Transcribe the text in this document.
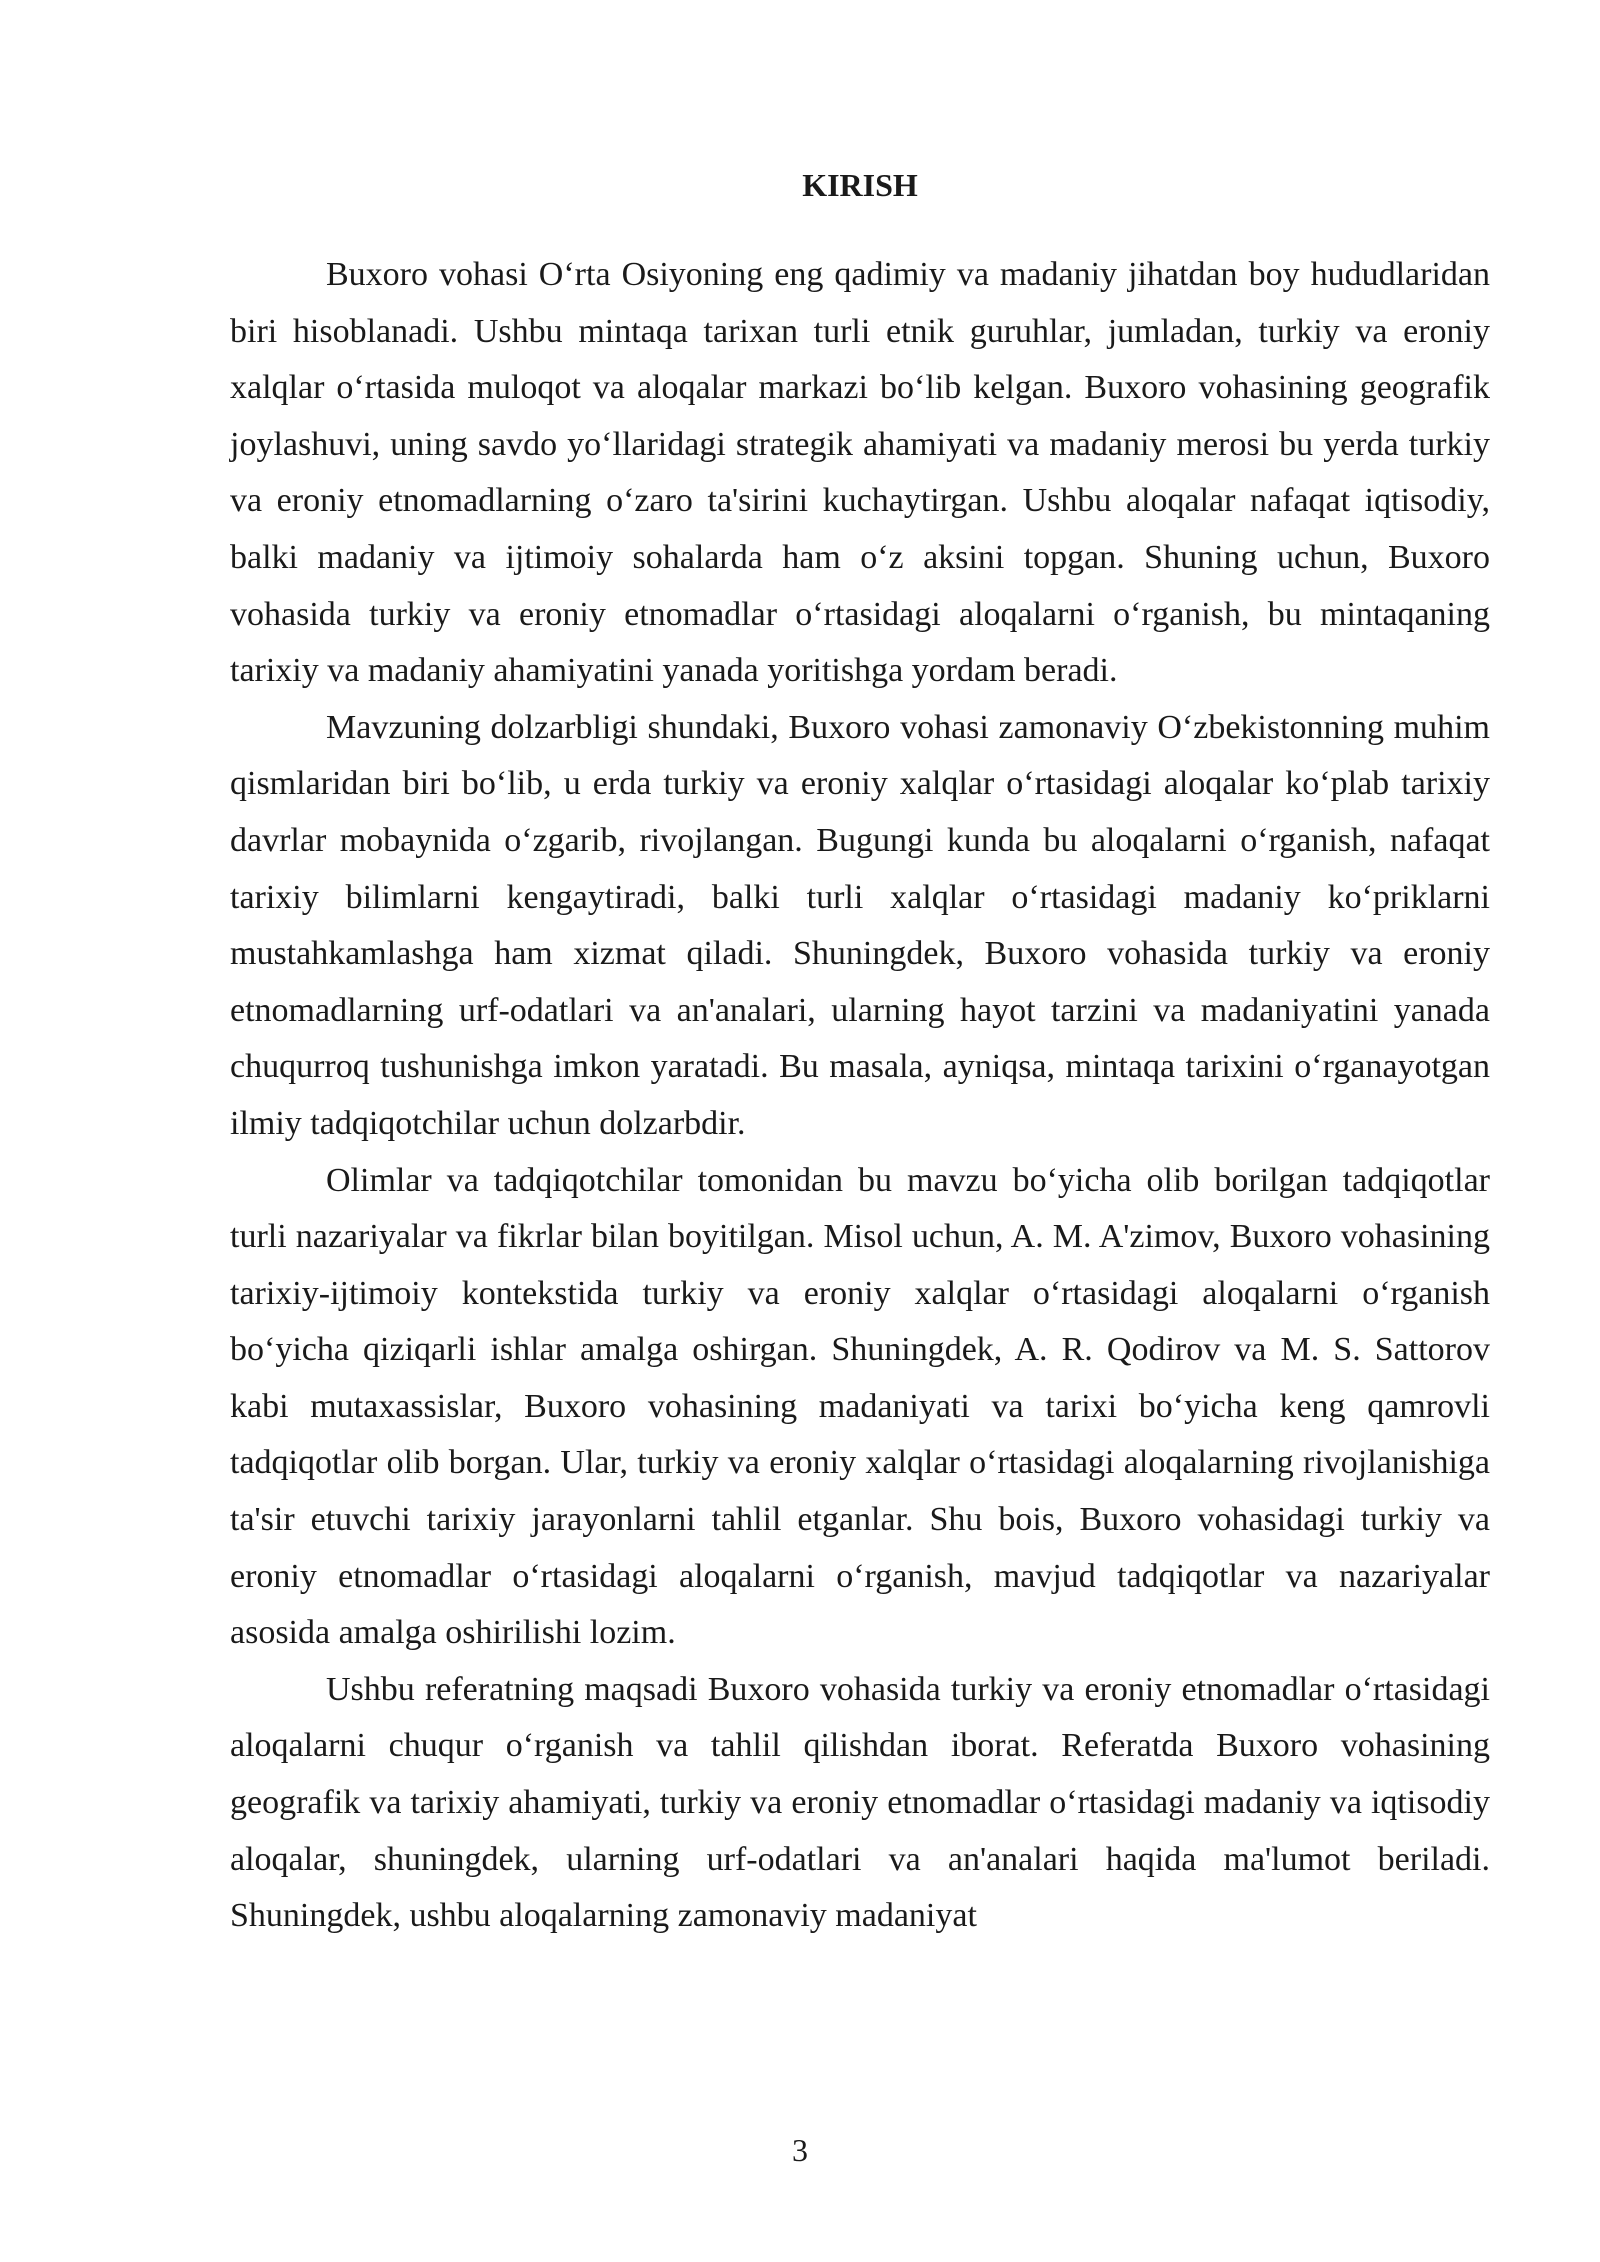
KIRISH

Buxoro vohasi O‘rta Osiyoning eng qadimiy va madaniy jihatdan boy hududlaridan biri hisoblanadi. Ushbu mintaqa tarixan turli etnik guruhlar, jumladan, turkiy va eroniy xalqlar o‘rtasida muloqot va aloqalar markazi bo‘lib kelgan. Buxoro vohasining geografik joylashuvi, uning savdo yo‘llaridagi strategik ahamiyati va madaniy merosi bu yerda turkiy va eroniy etnomadlarning o‘zaro ta'sirini kuchaytirgan. Ushbu aloqalar nafaqat iqtisodiy, balki madaniy va ijtimoiy sohalarda ham o‘z aksini topgan. Shuning uchun, Buxoro vohasida turkiy va eroniy etnomadlar o‘rtasidagi aloqalarni o‘rganish, bu mintaqaning tarixiy va madaniy ahamiyatini yanada yoritishga yordam beradi.

Mavzuning dolzarbligi shundaki, Buxoro vohasi zamonaviy O‘zbekistonning muhim qismlaridan biri bo‘lib, u erda turkiy va eroniy xalqlar o‘rtasidagi aloqalar ko‘plab tarixiy davrlar mobaynida o‘zgarib, rivojlangan. Bugungi kunda bu aloqalarni o‘rganish, nafaqat tarixiy bilimlarni kengaytiradi, balki turli xalqlar o‘rtasidagi madaniy ko‘priklarni mustahkamlashga ham xizmat qiladi. Shuningdek, Buxoro vohasida turkiy va eroniy etnomadlarning urf-odatlari va an'analari, ularning hayot tarzini va madaniyatini yanada chuqurroq tushunishga imkon yaratadi. Bu masala, ayniqsa, mintaqa tarixini o‘rganayotgan ilmiy tadqiqotchilar uchun dolzarbdir.

Olimlar va tadqiqotchilar tomonidan bu mavzu bo‘yicha olib borilgan tadqiqotlar turli nazariyalar va fikrlar bilan boyitilgan. Misol uchun, A. M. A'zimov, Buxoro vohasining tarixiy-ijtimoiy kontekstida turkiy va eroniy xalqlar o‘rtasidagi aloqalarni o‘rganish bo‘yicha qiziqarli ishlar amalga oshirgan. Shuningdek, A. R. Qodirov va M. S. Sattorov kabi mutaxassislar, Buxoro vohasining madaniyati va tarixi bo‘yicha keng qamrovli tadqiqotlar olib borgan. Ular, turkiy va eroniy xalqlar o‘rtasidagi aloqalarning rivojlanishiga ta'sir etuvchi tarixiy jarayonlarni tahlil etganlar. Shu bois, Buxoro vohasidagi turkiy va eroniy etnomadlar o‘rtasidagi aloqalarni o‘rganish, mavjud tadqiqotlar va nazariyalar asosida amalga oshirilishi lozim.

Ushbu referatning maqsadi Buxoro vohasida turkiy va eroniy etnomadlar o‘rtasidagi aloqalarni chuqur o‘rganish va tahlil qilishdan iborat. Referatda Buxoro vohasining geografik va tarixiy ahamiyati, turkiy va eroniy etnomadlar o‘rtasidagi madaniy va iqtisodiy aloqalar, shuningdek, ularning urf-odatlari va an'analari haqida ma'lumot beriladi. Shuningdek, ushbu aloqalarning zamonaviy madaniyat

3
